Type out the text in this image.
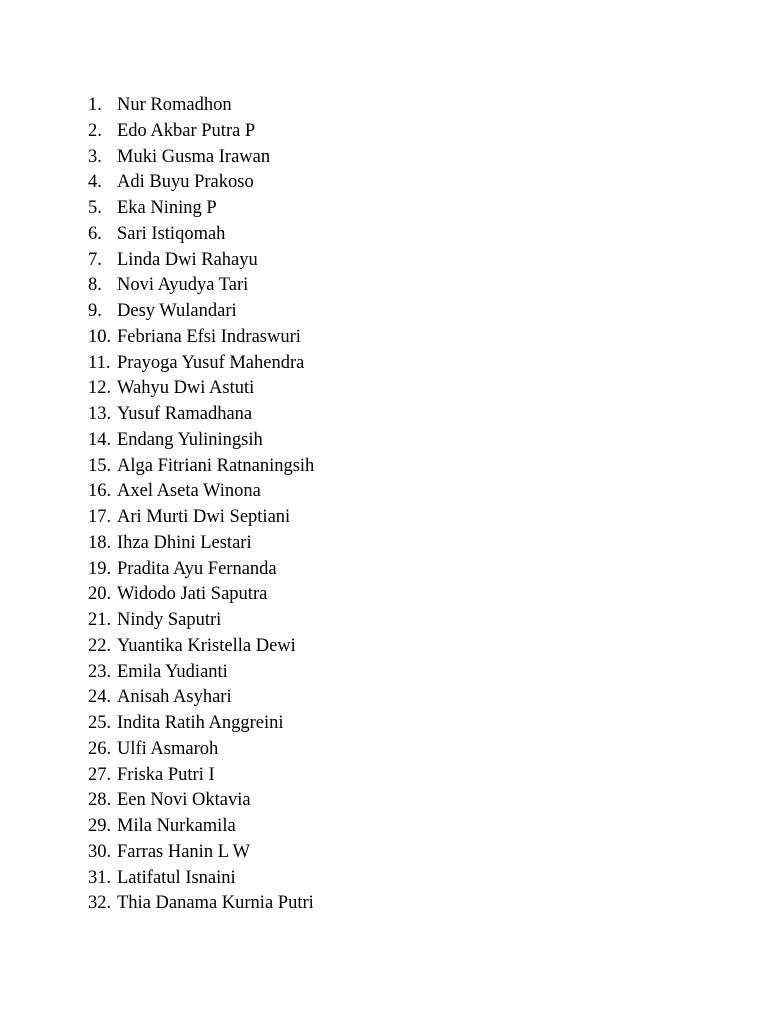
1. Nur Romadhon
2. Edo Akbar Putra P
3. Muki Gusma Irawan
4. Adi Buyu Prakoso
5. Eka Nining P
6. Sari Istiqomah
7. Linda Dwi Rahayu
8. Novi Ayudya Tari
9. Desy Wulandari
10. Febriana Efsi Indraswuri
11. Prayoga Yusuf Mahendra
12. Wahyu Dwi Astuti
13. Yusuf Ramadhana
14. Endang Yuliningsih
15. Alga Fitriani Ratnaningsih
16. Axel Aseta Winona
17. Ari Murti Dwi Septiani
18. Ihza Dhini Lestari
19. Pradita Ayu Fernanda
20. Widodo Jati Saputra
21. Nindy Saputri
22. Yuantika Kristella Dewi
23. Emila Yudianti
24. Anisah Asyhari
25. Indita Ratih Anggreini
26. Ulfi Asmaroh
27. Friska Putri I
28. Een Novi Oktavia
29. Mila Nurkamila
30. Farras Hanin L W
31. Latifatul Isnaini
32. Thia Danama Kurnia Putri
